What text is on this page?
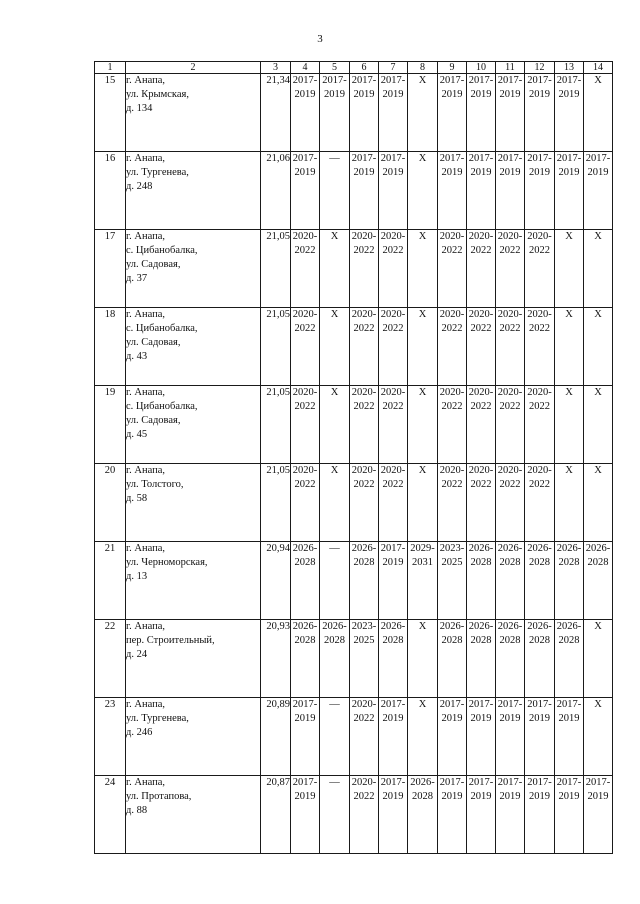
3
1	2	3	4	5	6	7	8	9	10	11	12	13	14
15	г. Анапа,
ул. Крымская,
д. 134	21,34	2017-
2019	2017-
2019	2017-
2019	2017-
2019	X	2017-
2019	2017-
2019	2017-
2019	2017-
2019	2017-
2019	X

16	г. Анапа,
ул. Тургенева,
д. 248	21,06	2017-
2019	—	2017-
2019	2017-
2019	X	2017-
2019	2017-
2019	2017-
2019	2017-
2019	2017-
2019	2017-
2019

17	г. Анапа,
с. Цибанобалка,
ул. Садовая,
д. 37	21,05	2020-
2022	X	2020-
2022	2020-
2022	X	2020-
2022	2020-
2022	2020-
2022	2020-
2022	X	X

18	г. Анапа,
с. Цибанобалка,
ул. Садовая,
д. 43	21,05	2020-
2022	X	2020-
2022	2020-
2022	X	2020-
2022	2020-
2022	2020-
2022	2020-
2022	X	X

19	г. Анапа,
с. Цибанобалка,
ул. Садовая,
д. 45	21,05	2020-
2022	X	2020-
2022	2020-
2022	X	2020-
2022	2020-
2022	2020-
2022	2020-
2022	X	X

20	г. Анапа,
ул. Толстого,
д. 58	21,05	2020-
2022	X	2020-
2022	2020-
2022	X	2020-
2022	2020-
2022	2020-
2022	2020-
2022	X	X

21	г. Анапа,
ул. Черноморская,
д. 13	20,94	2026-
2028	—	2026-
2028	2017-
2019	2029-
2031	2023-
2025	2026-
2028	2026-
2028	2026-
2028	2026-
2028	2026-
2028

22	г. Анапа,
пер. Строительный,
д. 24	20,93	2026-
2028	2026-
2028	2023-
2025	2026-
2028	X	2026-
2028	2026-
2028	2026-
2028	2026-
2028	2026-
2028	X

23	г. Анапа,
ул. Тургенева,
д. 246	20,89	2017-
2019	—	2020-
2022	2017-
2019	X	2017-
2019	2017-
2019	2017-
2019	2017-
2019	2017-
2019	X

24	г. Анапа,
ул. Протапова,
д. 88	20,87	2017-
2019	—	2020-
2022	2017-
2019	2026-
2028	2017-
2019	2017-
2019	2017-
2019	2017-
2019	2017-
2019	2017-
2019
